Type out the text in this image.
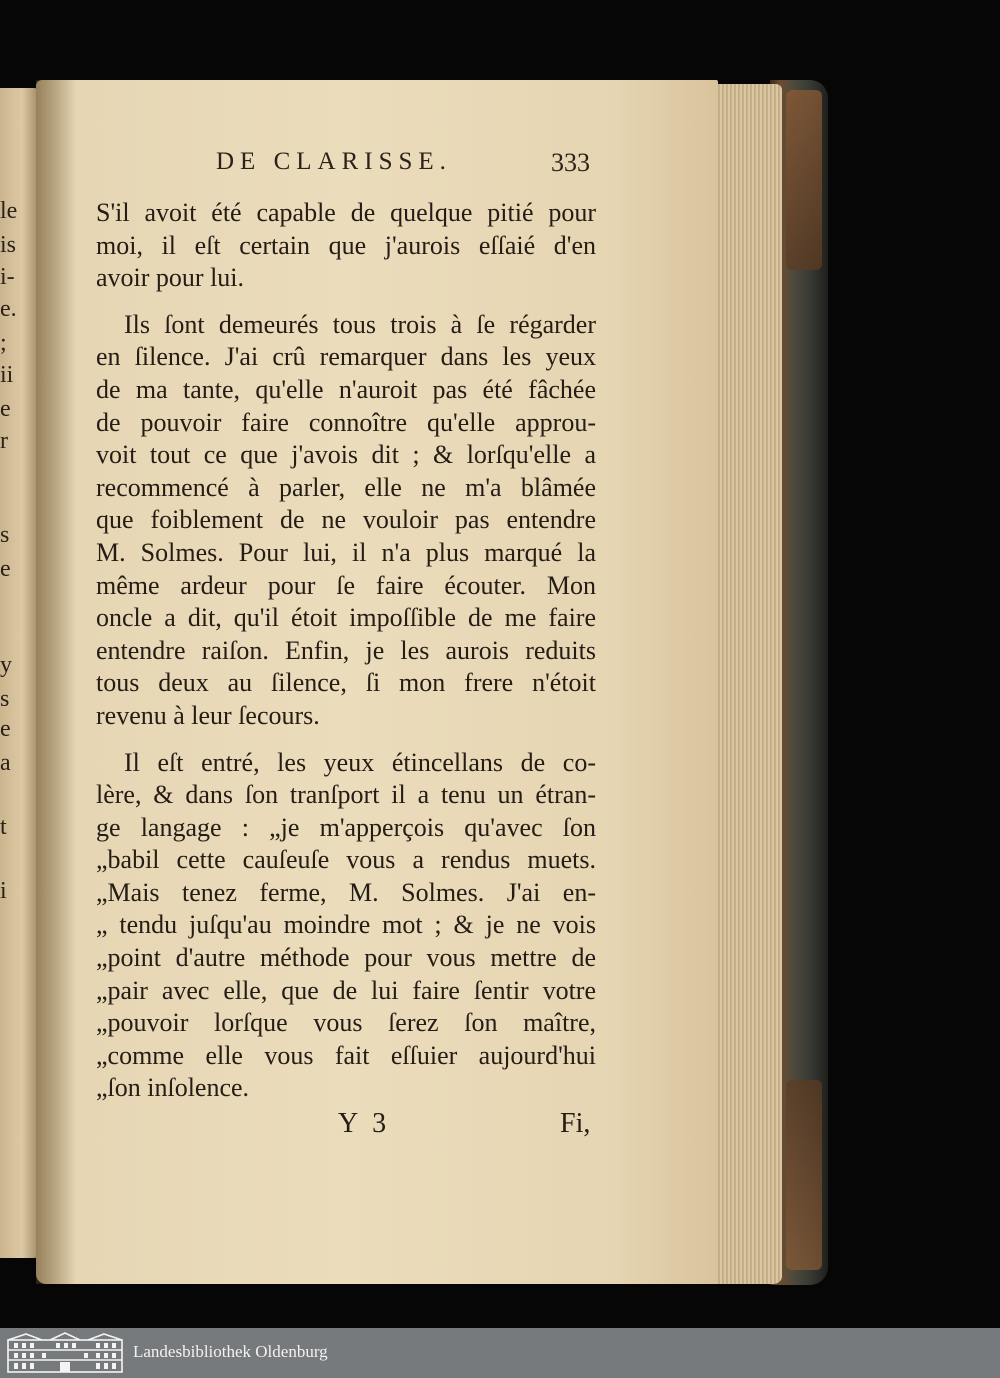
le
is
i-
e.
;
ii
e
r
s
e
y
s
e
a
t
i
DE CLARISSE.	333
S'il avoit été capable de quelque pitié pour
moi, il eſt certain que j'aurois eſſaié d'en
avoir pour lui.
Ils ſont demeurés tous trois à ſe régarder
en ſilence. J'ai crû remarquer dans les yeux
de ma tante, qu'elle n'auroit pas été fâchée
de pouvoir faire connoître qu'elle approu-
voit tout ce que j'avois dit ; & lorſqu'elle a
recommencé à parler, elle ne m'a blâmée
que foiblement de ne vouloir pas entendre
M. Solmes. Pour lui, il n'a plus marqué la
même ardeur pour ſe faire écouter. Mon
oncle a dit, qu'il étoit impoſſible de me faire
entendre raiſon. Enfin, je les aurois reduits
tous deux au ſilence, ſi mon frere n'étoit
revenu à leur ſecours.
Il eſt entré, les yeux étincellans de co-
lère, & dans ſon tranſport il a tenu un étran-
ge langage : „je m'apperçois qu'avec ſon
„babil cette cauſeuſe vous a rendus muets.
„Mais tenez ferme, M. Solmes. J'ai en-
„ tendu juſqu'au moindre mot ; & je ne vois
„point d'autre méthode pour vous mettre de
„pair avec elle, que de lui faire ſentir votre
„pouvoir lorſque vous ſerez ſon maître,
„comme elle vous fait eſſuier aujourd'hui
„ſon inſolence.
Y 3	Fi,
Landesbibliothek Oldenburg
